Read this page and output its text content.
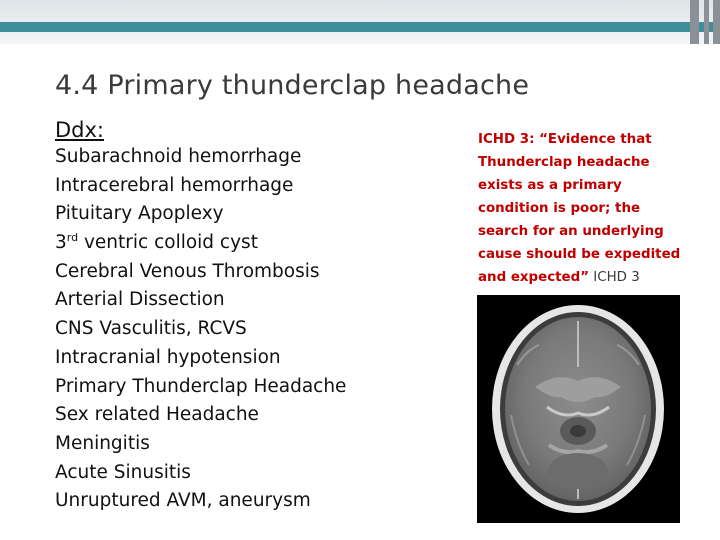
4.4 Primary thunderclap headache
Ddx:
Subarachnoid hemorrhage
Intracerebral hemorrhage
Pituitary Apoplexy
3rd ventric colloid cyst
Cerebral Venous Thrombosis
Arterial Dissection
CNS Vasculitis, RCVS
Intracranial hypotension
Primary Thunderclap Headache
Sex related Headache
Meningitis
Acute Sinusitis
Unruptured AVM, aneurysm
ICHD 3: “Evidence that Thunderclap headache exists as a primary condition is poor; the search for an underlying cause should be expedited and expected” ICHD 3
